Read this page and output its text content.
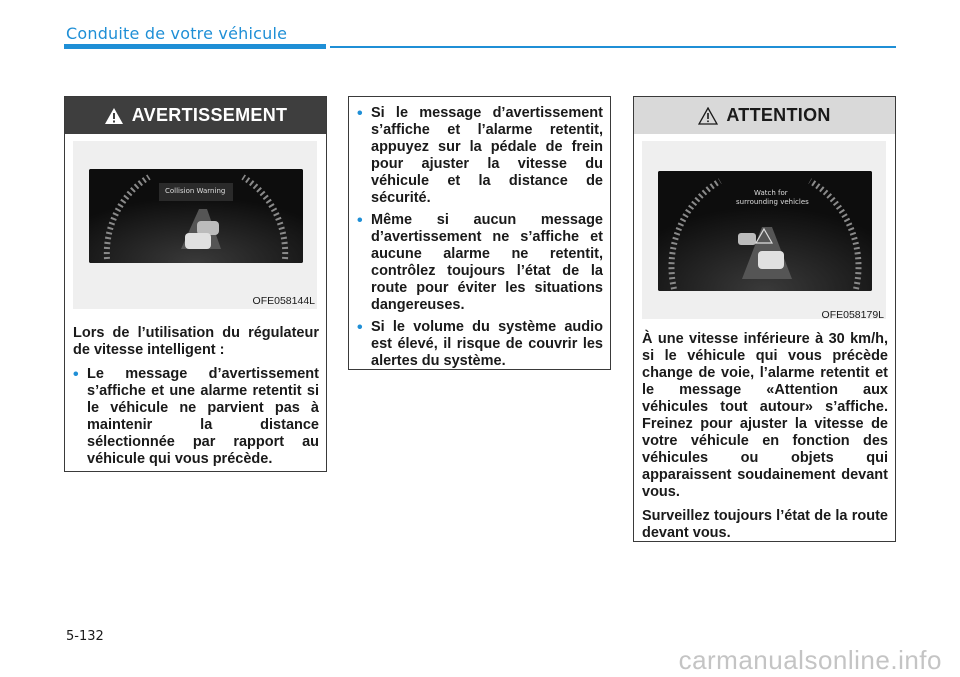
Conduite de votre véhicule
AVERTISSEMENT
Collision Warning
OFE058144L

Lors de l’utilisation du régulateur de vitesse intelligent :

• Le message d’avertissement s’affiche et une alarme retentit si le véhicule ne parvient pas à maintenir la distance sélectionnée par rapport au véhicule qui vous précède.
• Si le message d’avertissement s’affiche et l’alarme retentit, appuyez sur la pédale de frein pour ajuster la vitesse du véhicule et la distance de sécurité.
• Même si aucun message d’avertissement ne s’affiche et aucune alarme ne retentit, contrôlez toujours l’état de la route pour éviter les situations dangereuses.
• Si le volume du système audio est élevé, il risque de couvrir les alertes du système.
ATTENTION
Watch for
surrounding vehicles
OFE058179L

À une vitesse inférieure à 30 km/h, si le véhicule qui vous précède change de voie, l’alarme retentit et le message «Attention aux véhicules tout autour» s’affiche. Freinez pour ajuster la vitesse de votre véhicule en fonction des véhicules ou objets qui apparaissent soudainement devant vous.

Surveillez toujours l’état de la route devant vous.

5-132
carmanualsonline.info
